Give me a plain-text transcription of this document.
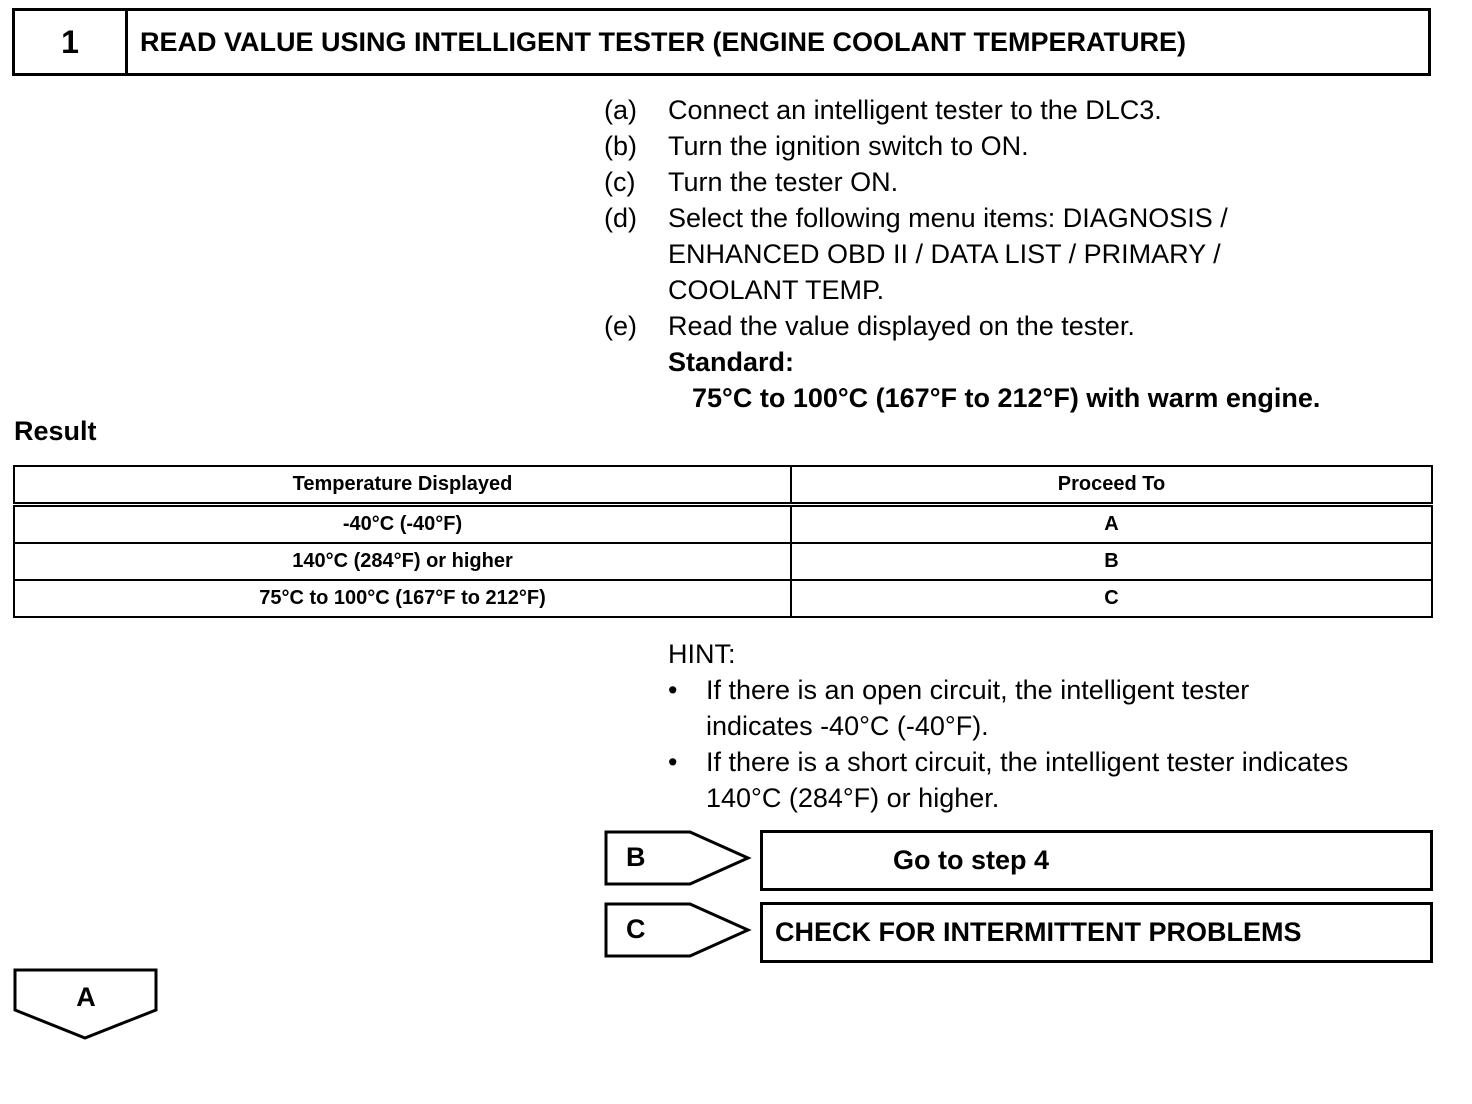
1	READ VALUE USING INTELLIGENT TESTER (ENGINE COOLANT TEMPERATURE)
(a)	Connect an intelligent tester to the DLC3.
(b)	Turn the ignition switch to ON.
(c)	Turn the tester ON.
(d)	Select the following menu items: DIAGNOSIS /
ENHANCED OBD II / DATA LIST / PRIMARY /
COOLANT TEMP.
(e)	Read the value displayed on the tester.
Standard:
75°C to 100°C (167°F to 212°F) with warm engine.
Result
Temperature Displayed	Proceed To
-40°C (-40°F)	A
140°C (284°F) or higher	B
75°C to 100°C (167°F to 212°F)	C
HINT:
•	If there is an open circuit, the intelligent tester
indicates -40°C (-40°F).
•	If there is a short circuit, the intelligent tester indicates
140°C (284°F) or higher.
B	Go to step 4
C	CHECK FOR INTERMITTENT PROBLEMS
A
